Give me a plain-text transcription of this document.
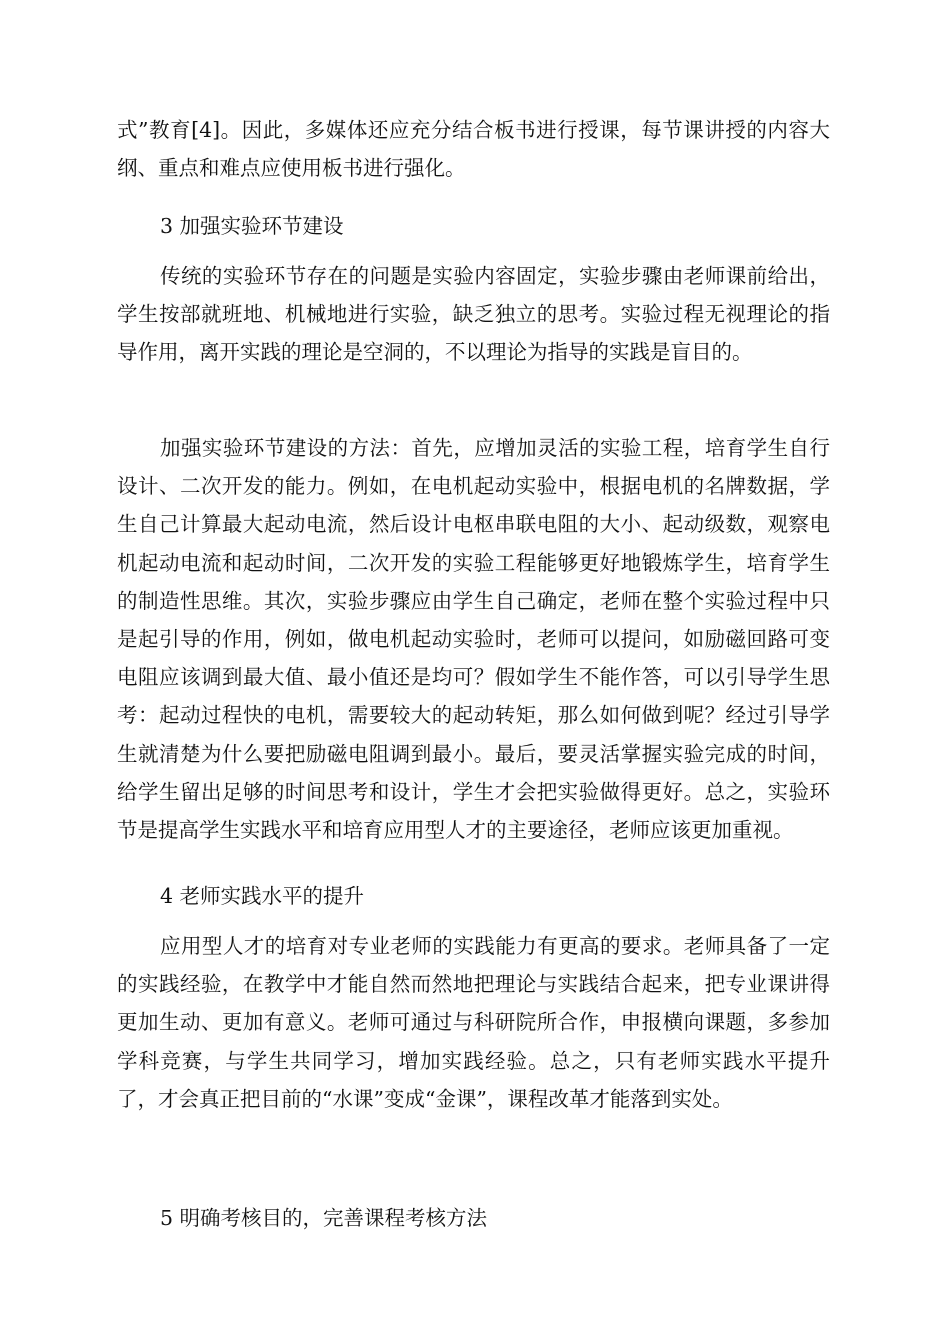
式”教育[4]。因此，多媒体还应充分结合板书进行授课，每节课讲授的内容大纲、重点和难点应使用板书进行强化。

3 加强实验环节建设

传统的实验环节存在的问题是实验内容固定，实验步骤由老师课前给出，学生按部就班地、机械地进行实验，缺乏独立的思考。实验过程无视理论的指导作用，离开实践的理论是空洞的，不以理论为指导的实践是盲目的。

加强实验环节建设的方法：首先，应增加灵活的实验工程，培育学生自行设计、二次开发的能力。例如，在电机起动实验中，根据电机的名牌数据，学生自己计算最大起动电流，然后设计电枢串联电阻的大小、起动级数，观察电机起动电流和起动时间，二次开发的实验工程能够更好地锻炼学生，培育学生的制造性思维。其次，实验步骤应由学生自己确定，老师在整个实验过程中只是起引导的作用，例如，做电机起动实验时，老师可以提问，如励磁回路可变电阻应该调到最大值、最小值还是均可？假如学生不能作答，可以引导学生思考：起动过程快的电机，需要较大的起动转矩，那么如何做到呢？经过引导学生就清楚为什么要把励磁电阻调到最小。最后，要灵活掌握实验完成的时间，给学生留出足够的时间思考和设计，学生才会把实验做得更好。总之，实验环节是提高学生实践水平和培育应用型人才的主要途径，老师应该更加重视。

4 老师实践水平的提升

应用型人才的培育对专业老师的实践能力有更高的要求。老师具备了一定的实践经验，在教学中才能自然而然地把理论与实践结合起来，把专业课讲得更加生动、更加有意义。老师可通过与科研院所合作，申报横向课题，多参加学科竞赛，与学生共同学习，增加实践经验。总之，只有老师实践水平提升了，才会真正把目前的“水课”变成“金课”，课程改革才能落到实处。

5 明确考核目的，完善课程考核方法
